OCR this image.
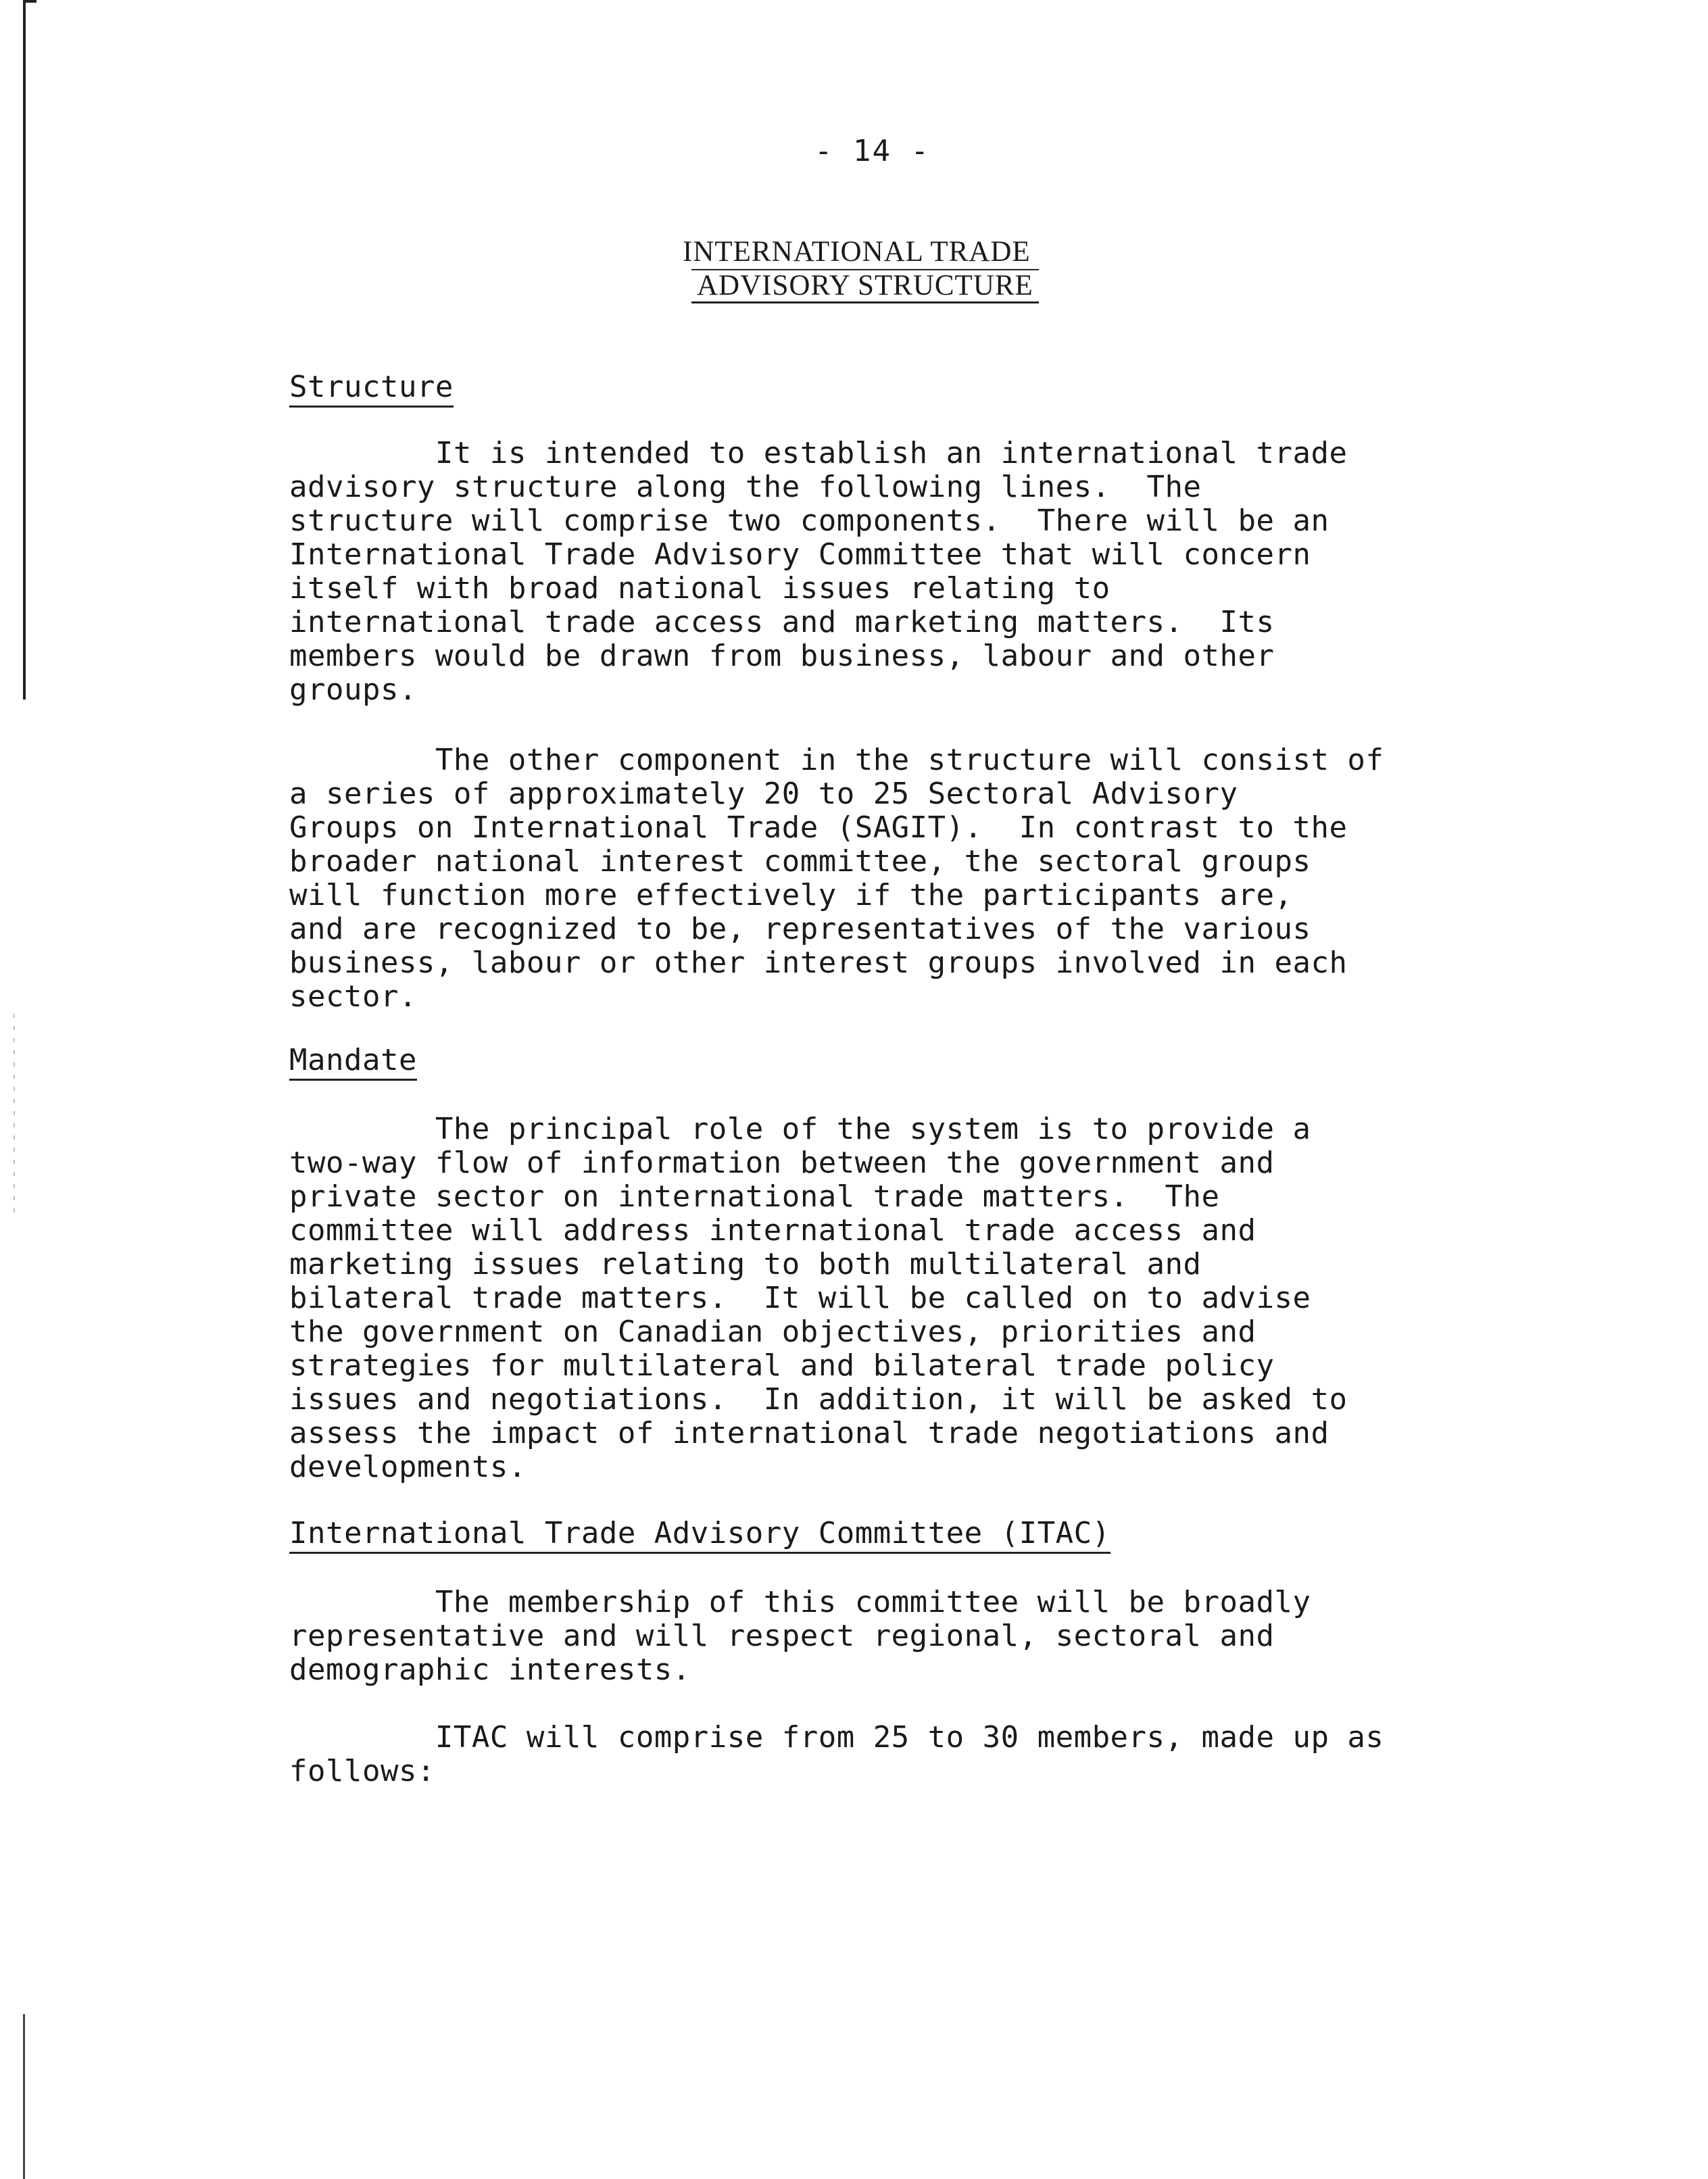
- 14 -
INTERNATIONAL TRADE
ADVISORY STRUCTURE
Structure
It is intended to establish an international trade
advisory structure along the following lines.  The
structure will comprise two components.  There will be an
International Trade Advisory Committee that will concern
itself with broad national issues relating to
international trade access and marketing matters.  Its
members would be drawn from business, labour and other
groups.
The other component in the structure will consist of
a series of approximately 20 to 25 Sectoral Advisory
Groups on International Trade (SAGIT).  In contrast to the
broader national interest committee, the sectoral groups
will function more effectively if the participants are,
and are recognized to be, representatives of the various
business, labour or other interest groups involved in each
sector.
Mandate
The principal role of the system is to provide a
two-way flow of information between the government and
private sector on international trade matters.  The
committee will address international trade access and
marketing issues relating to both multilateral and
bilateral trade matters.  It will be called on to advise
the government on Canadian objectives, priorities and
strategies for multilateral and bilateral trade policy
issues and negotiations.  In addition, it will be asked to
assess the impact of international trade negotiations and
developments.
International Trade Advisory Committee (ITAC)
The membership of this committee will be broadly
representative and will respect regional, sectoral and
demographic interests.
ITAC will comprise from 25 to 30 members, made up as
follows:
